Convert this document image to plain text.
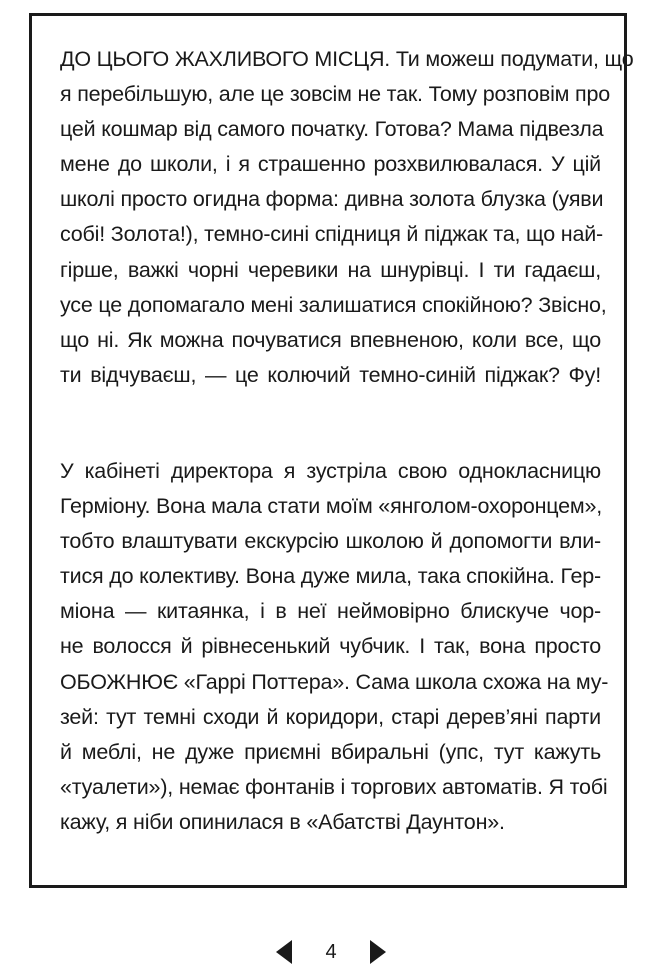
ДО ЦЬОГО ЖАХЛИВОГО МІСЦЯ. Ти можеш подумати, що
я перебільшую, але це зовсім не так. Тому розповім про
цей кошмар від самого початку. Готова? Мама підвезла
мене до школи, і я страшенно розхвилювалася. У цій
школі просто огидна форма: дивна золота блузка (уяви
собі! Золота!), темно-сині спідниця й піджак та, що най-
гірше, важкі чорні черевики на шнурівці. І ти гадаєш,
усе це допомагало мені залишатися спокійною? Звісно,
що ні. Як можна почуватися впевненою, коли все, що
ти відчуваєш, — це колючий темно-синій піджак? Фу!
У кабінеті директора я зустріла свою однокласницю
Герміону. Вона мала стати моїм «янголом-охоронцем»,
тобто влаштувати екскурсію школою й допомогти вли-
тися до колективу. Вона дуже мила, така спокійна. Гер-
міона — китаянка, і в неї неймовірно блискуче чор-
не волосся й рівнесенький чубчик. І так, вона просто
ОБОЖНЮЄ «Гаррі Поттера». Сама школа схожа на му-
зей: тут темні сходи й коридори, старі дерев’яні парти
й меблі, не дуже приємні вбиральні (упс, тут кажуть
«туалети»), немає фонтанів і торгових автоматів. Я тобі
кажу, я ніби опинилася в «Абатстві Даунтон».
4
